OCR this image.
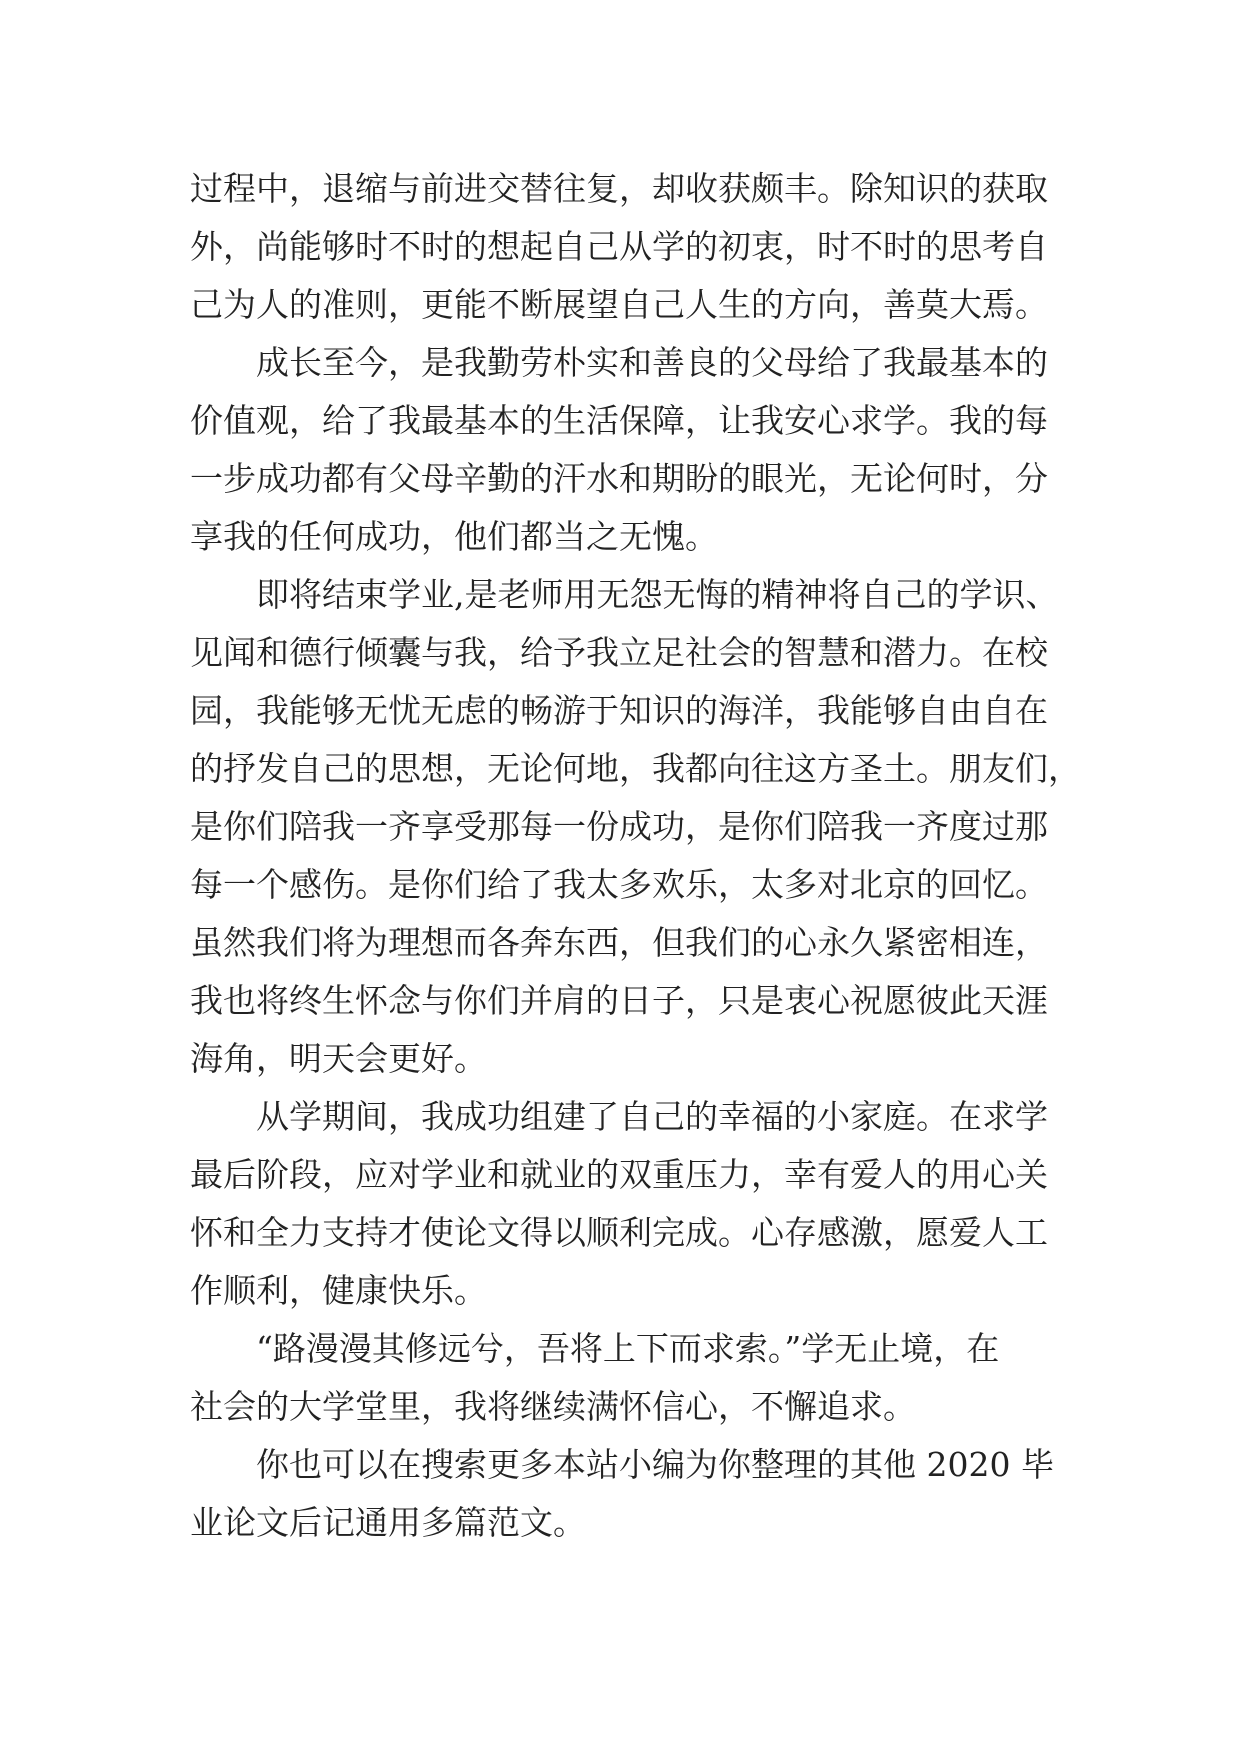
过程中，退缩与前进交替往复，却收获颇丰。除知识的获取
外，尚能够时不时的想起自己从学的初衷，时不时的思考自
己为人的准则，更能不断展望自己人生的方向，善莫大焉。
成长至今，是我勤劳朴实和善良的父母给了我最基本的
价值观，给了我最基本的生活保障，让我安心求学。我的每
一步成功都有父母辛勤的汗水和期盼的眼光，无论何时，分
享我的任何成功，他们都当之无愧。
即将结束学业,是老师用无怨无悔的精神将自己的学识、
见闻和德行倾囊与我，给予我立足社会的智慧和潜力。在校
园，我能够无忧无虑的畅游于知识的海洋，我能够自由自在
的抒发自己的思想，无论何地，我都向往这方圣土。朋友们，
是你们陪我一齐享受那每一份成功，是你们陪我一齐度过那
每一个感伤。是你们给了我太多欢乐，太多对北京的回忆。
虽然我们将为理想而各奔东西，但我们的心永久紧密相连，
我也将终生怀念与你们并肩的日子，只是衷心祝愿彼此天涯
海角，明天会更好。
从学期间，我成功组建了自己的幸福的小家庭。在求学
最后阶段，应对学业和就业的双重压力，幸有爱人的用心关
怀和全力支持才使论文得以顺利完成。心存感激，愿爱人工
作顺利，健康快乐。
“路漫漫其修远兮，吾将上下而求索。”学无止境，在
社会的大学堂里，我将继续满怀信心，不懈追求。
你也可以在搜索更多本站小编为你整理的其他 2020 毕
业论文后记通用多篇范文。
